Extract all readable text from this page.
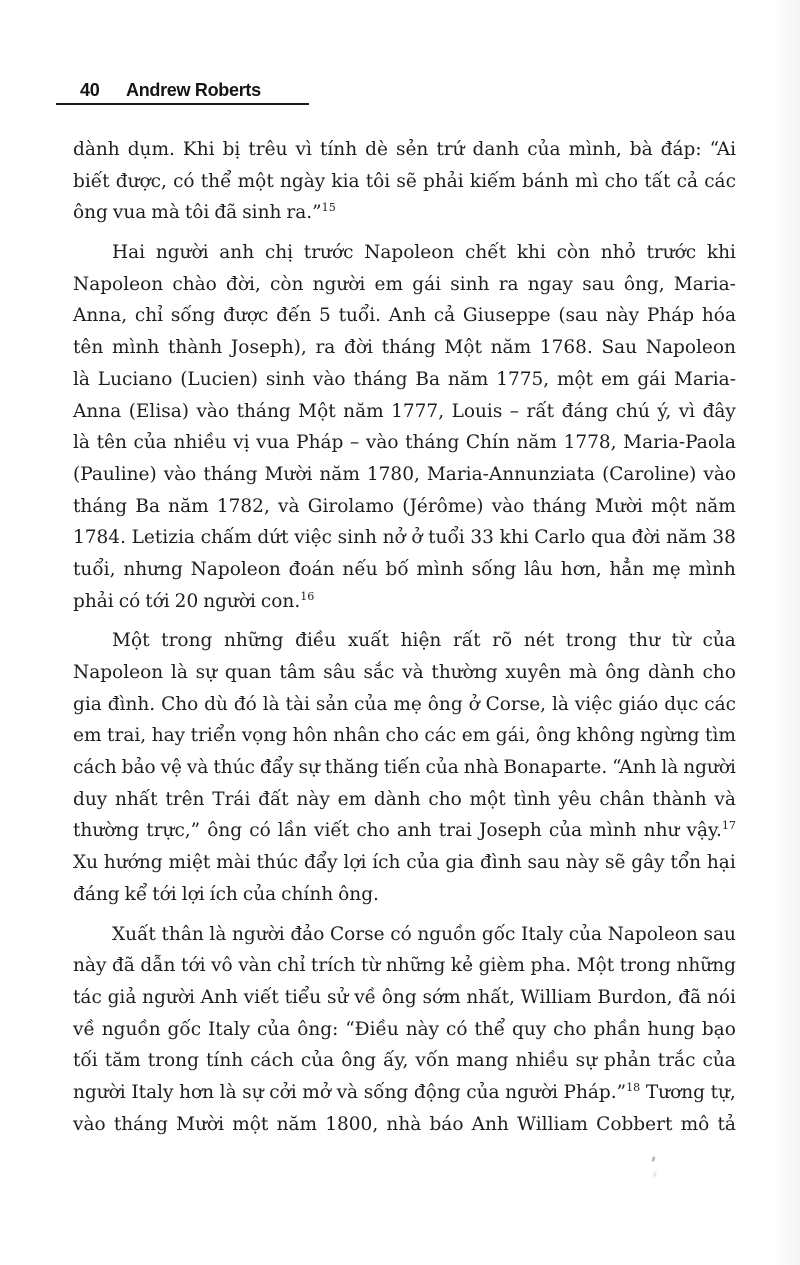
40 Andrew Roberts
dành dụm. Khi bị trêu vì tính dè sẻn trứ danh của mình, bà đáp: “Ai
biết được, có thể một ngày kia tôi sẽ phải kiếm bánh mì cho tất cả các
ông vua mà tôi đã sinh ra.”$^{15}$
Hai người anh chị trước Napoleon chết khi còn nhỏ trước khi
Napoleon chào đời, còn người em gái sinh ra ngay sau ông, Maria-
Anna, chỉ sống được đến 5 tuổi. Anh cả Giuseppe (sau này Pháp hóa
tên mình thành Joseph), ra đời tháng Một năm 1768. Sau Napoleon
là Luciano (Lucien) sinh vào tháng Ba năm 1775, một em gái Maria-
Anna (Elisa) vào tháng Một năm 1777, Louis – rất đáng chú ý, vì đây
là tên của nhiều vị vua Pháp – vào tháng Chín năm 1778, Maria-Paola
(Pauline) vào tháng Mười năm 1780, Maria-Annunziata (Caroline) vào
tháng Ba năm 1782, và Girolamo (Jérôme) vào tháng Mười một năm
1784. Letizia chấm dứt việc sinh nở ở tuổi 33 khi Carlo qua đời năm 38
tuổi, nhưng Napoleon đoán nếu bố mình sống lâu hơn, hẳn mẹ mình
phải có tới 20 người con.$^{16}$
Một trong những điều xuất hiện rất rõ nét trong thư từ của
Napoleon là sự quan tâm sâu sắc và thường xuyên mà ông dành cho
gia đình. Cho dù đó là tài sản của mẹ ông ở Corse, là việc giáo dục các
em trai, hay triển vọng hôn nhân cho các em gái, ông không ngừng tìm
cách bảo vệ và thúc đẩy sự thăng tiến của nhà Bonaparte. “Anh là người
duy nhất trên Trái đất này em dành cho một tình yêu chân thành và
thường trực,” ông có lần viết cho anh trai Joseph của mình như vậy.$^{17}$
Xu hướng miệt mài thúc đẩy lợi ích của gia đình sau này sẽ gây tổn hại
đáng kể tới lợi ích của chính ông.
Xuất thân là người đảo Corse có nguồn gốc Italy của Napoleon sau
này đã dẫn tới vô vàn chỉ trích từ những kẻ gièm pha. Một trong những
tác giả người Anh viết tiểu sử về ông sớm nhất, William Burdon, đã nói
về nguồn gốc Italy của ông: “Điều này có thể quy cho phần hung bạo
tối tăm trong tính cách của ông ấy, vốn mang nhiều sự phản trắc của
người Italy hơn là sự cởi mở và sống động của người Pháp.”$^{18}$ Tương tự,
vào tháng Mười một năm 1800, nhà báo Anh William Cobbert mô tả
